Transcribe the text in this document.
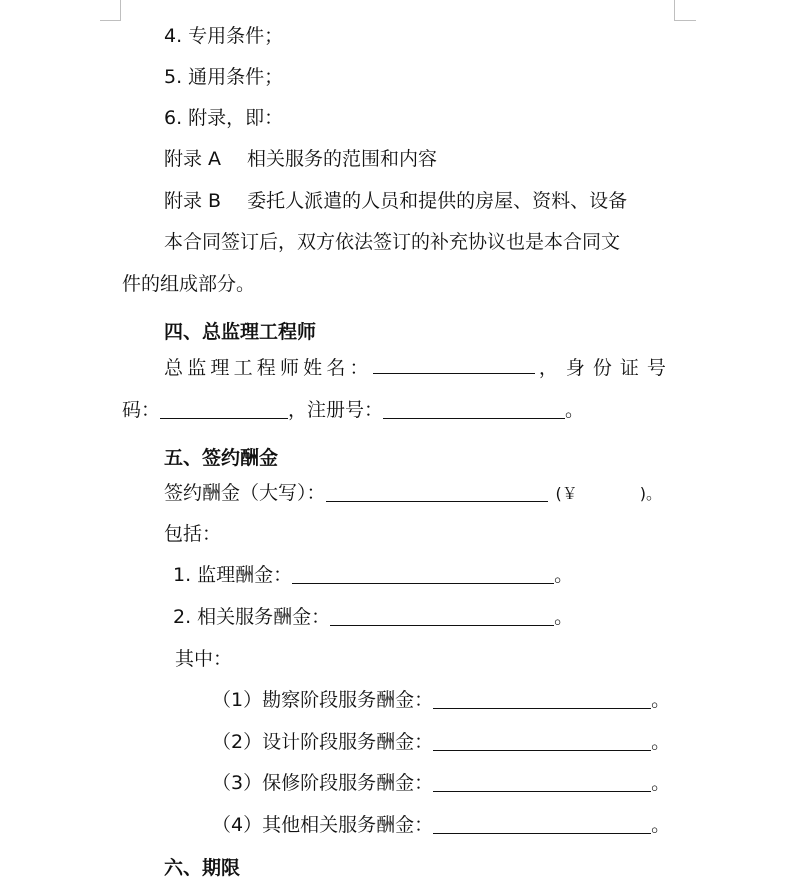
4. 专用条件；
5. 通用条件；
6. 附录，即：
附录 A 相关服务的范围和内容
附录 B 委托人派遣的人员和提供的房屋、资料、设备
本合同签订后，双方依法签订的补充协议也是本合同文
件的组成部分。
四、总监理工程师
总 监 理 工 程 师 姓 名 ：	，身份证号
码：	，注册号：	。
五、签约酬金
签约酬金（大写）：	(￥	)。
包括：
1. 监理酬金：	。
2. 相关服务酬金：	。
其中：
（1）勘察阶段服务酬金：	。
（2）设计阶段服务酬金：	。
（3）保修阶段服务酬金：	。
（4）其他相关服务酬金：	。
六、期限
